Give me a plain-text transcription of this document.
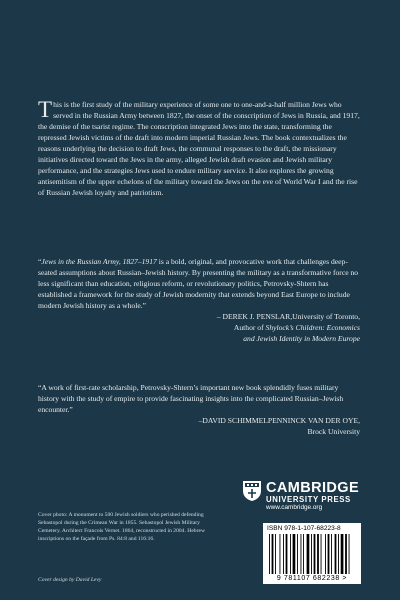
This is the first study of the military experience of some one to one-and-a-half million Jews who served in the Russian Army between 1827, the onset of the conscription of Jews in Russia, and 1917, the demise of the tsarist regime. The conscription integrated Jews into the state, transforming the repressed Jewish victims of the draft into modern imperial Russian Jews. The book contextualizes the reasons underlying the decision to draft Jews, the communal responses to the draft, the missionary initiatives directed toward the Jews in the army, alleged Jewish draft evasion and Jewish military performance, and the strategies Jews used to endure military service. It also explores the growing antisemitism of the upper echelons of the military toward the Jews on the eve of World War I and the rise of Russian Jewish loyalty and patriotism.

“Jews in the Russian Army, 1827–1917 is a bold, original, and provocative work that challenges deep-seated assumptions about Russian–Jewish history. By presenting the military as a transformative force no less significant than education, religious reform, or revolutionary politics, Petrovsky-Shtern has established a framework for the study of Jewish modernity that extends beyond East Europe to include modern Jewish history as a whole.”

– DEREK J. PENSLAR,University of Toronto,
Author of Shylock’s Children: Economics
and Jewish Identity in Modern Europe

“A work of first-rate scholarship, Petrovsky-Shtern’s important new book splendidly fuses military history with the study of empire to provide fascinating insights into the complicated Russian–Jewish encounter.”

–DAVID SCHIMMELPENNINCK VAN DER OYE,
Brock University
Cover photo: A monument to 500 Jewish soldiers who perished defending Sebastopol during the Crimean War in 1855. Sebastopol Jewish Military Cemetery. Architect Francois Vernet. 1864, reconstructed in 2004. Hebrew inscriptions on the façade from Ps. 84:8 and 116:16.
Cover design by David Levy
CAMBRIDGE
UNIVERSITY PRESS
www.cambridge.org
ISBN 978-1-107-68223-8
9 781107 682238 >
